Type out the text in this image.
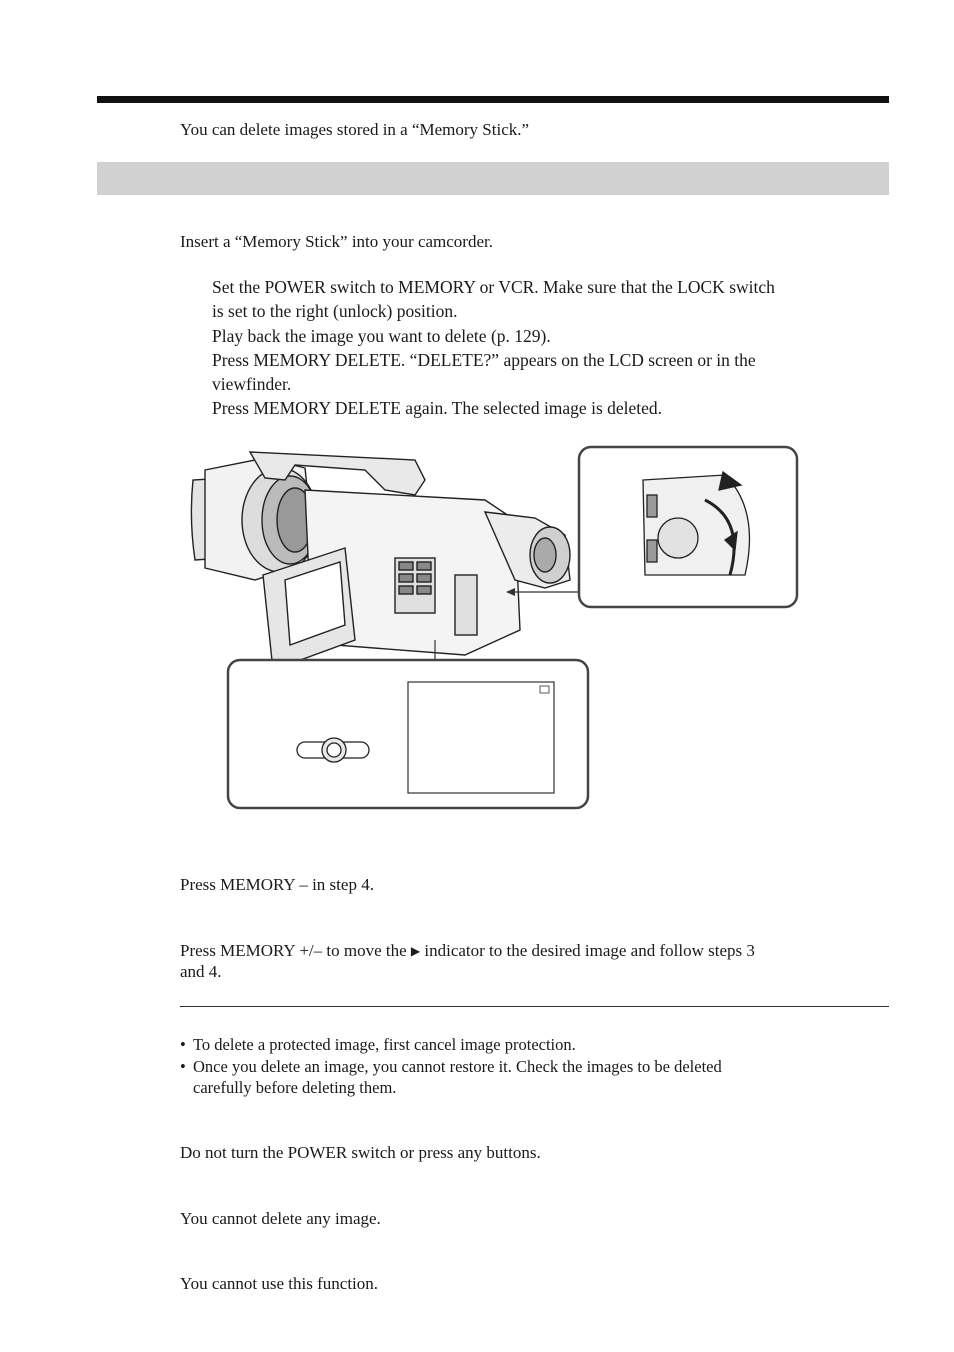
You can delete images stored in a “Memory Stick.”
Insert a “Memory Stick” into your camcorder.

Set the POWER switch to MEMORY or VCR. Make sure that the LOCK switch

is set to the right (unlock) position.

Play back the image you want to delete (p. 129).

Press MEMORY DELETE. “DELETE?” appears on the LCD screen or in the

viewfinder.

Press MEMORY DELETE again. The selected image is deleted.

Press MEMORY – in step 4.
Press MEMORY +/– to move the ▶ indicator to the desired image and follow steps 3
and 4.

• To delete a protected image, first cancel image protection.

• Once you delete an image, you cannot restore it. Check the images to be deleted

carefully before deleting them.

Do not turn the POWER switch or press any buttons.
You cannot delete any image.
You cannot use this function.
